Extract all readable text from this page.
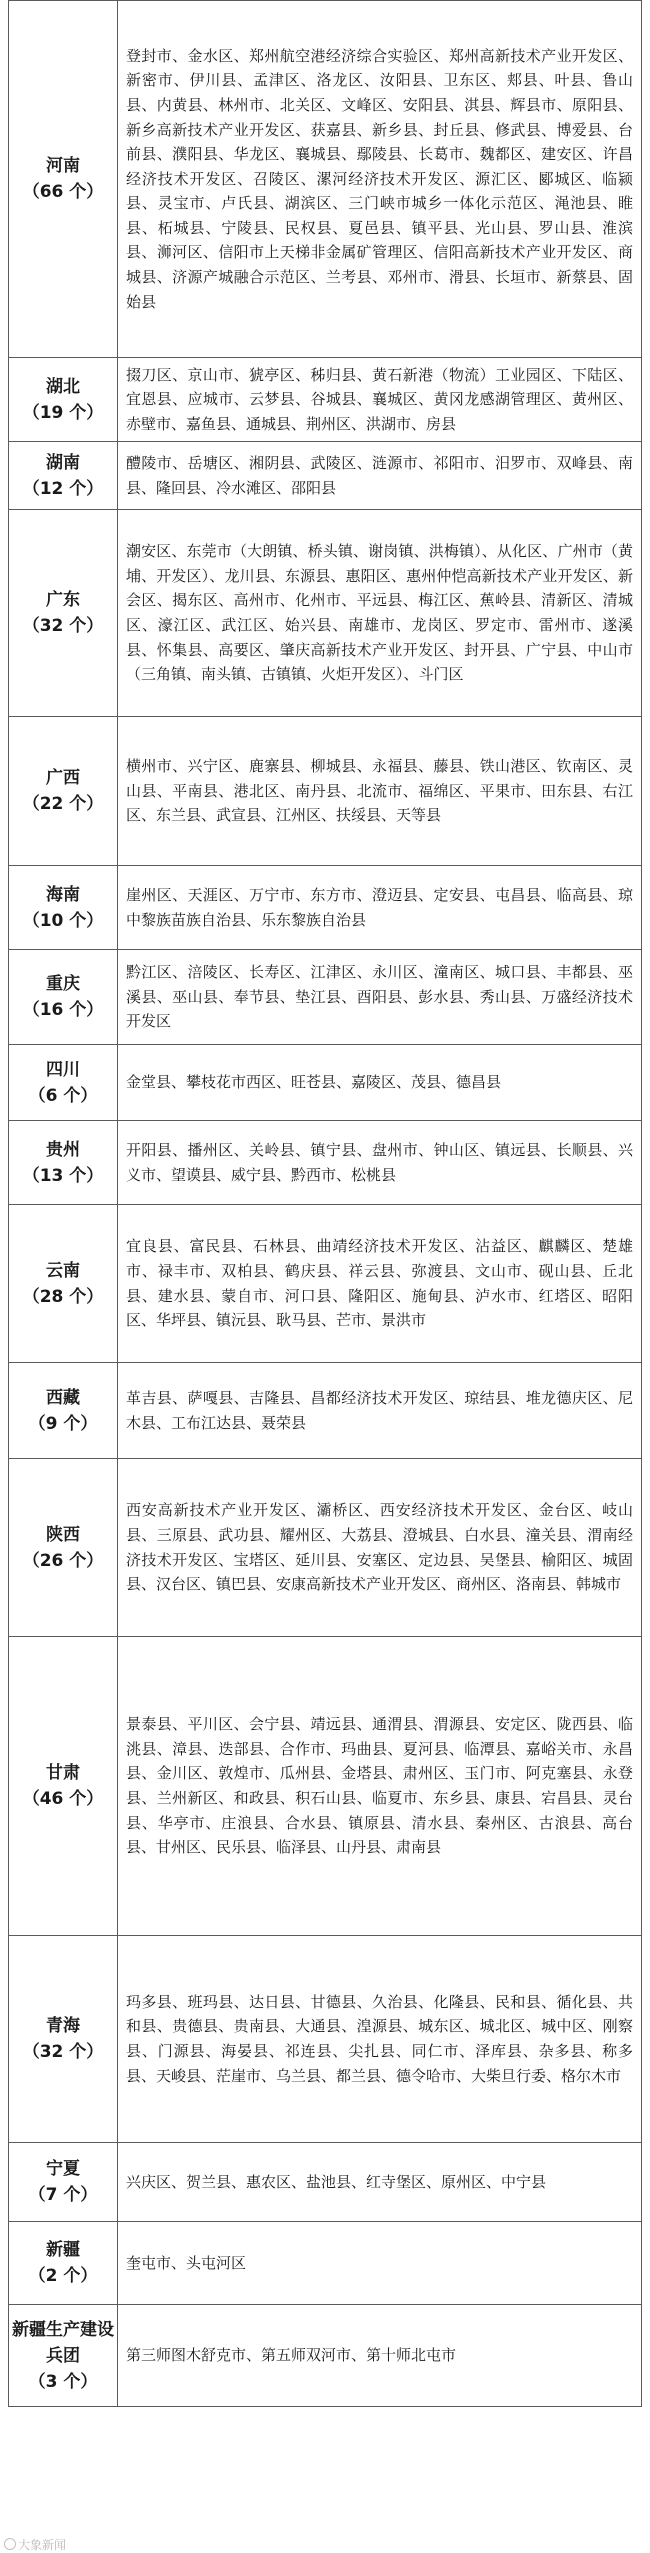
河南
（66 个）	登封市、金水区、郑州航空港经济综合实验区、郑州高新技术产业开发区、新密市、伊川县、孟津区、洛龙区、汝阳县、卫东区、郏县、叶县、鲁山县、内黄县、林州市、北关区、文峰区、安阳县、淇县、辉县市、原阳县、新乡高新技术产业开发区、获嘉县、新乡县、封丘县、修武县、博爱县、台前县、濮阳县、华龙区、襄城县、鄢陵县、长葛市、魏都区、建安区、许昌经济技术开发区、召陵区、漯河经济技术开发区、源汇区、郾城区、临颍县、灵宝市、卢氏县、湖滨区、三门峡市城乡一体化示范区、渑池县、睢县、柘城县、宁陵县、民权县、夏邑县、镇平县、光山县、罗山县、淮滨县、浉河区、信阳市上天梯非金属矿管理区、信阳高新技术产业开发区、商城县、济源产城融合示范区、兰考县、邓州市、滑县、长垣市、新蔡县、固始县

湖北
（19 个）	掇刀区、京山市、猇亭区、秭归县、黄石新港（物流）工业园区、下陆区、宜恩县、应城市、云梦县、谷城县、襄城区、黄冈龙感湖管理区、黄州区、赤壁市、嘉鱼县、通城县、荆州区、洪湖市、房县

湖南
（12 个）	醴陵市、岳塘区、湘阴县、武陵区、涟源市、祁阳市、汨罗市、双峰县、南县、隆回县、冷水滩区、邵阳县

广东
（32 个）	潮安区、东莞市（大朗镇、桥头镇、谢岗镇、洪梅镇）、从化区、广州市（黄埔、开发区）、龙川县、东源县、惠阳区、惠州仲恺高新技术产业开发区、新会区、揭东区、高州市、化州市、平远县、梅江区、蕉岭县、清新区、清城区、濠江区、武江区、始兴县、南雄市、龙岗区、罗定市、雷州市、遂溪县、怀集县、高要区、肇庆高新技术产业开发区、封开县、广宁县、中山市（三角镇、南头镇、古镇镇、火炬开发区）、斗门区

广西
（22 个）	横州市、兴宁区、鹿寨县、柳城县、永福县、藤县、铁山港区、钦南区、灵山县、平南县、港北区、南丹县、北流市、福绵区、平果市、田东县、右江区、东兰县、武宣县、江州区、扶绥县、天等县

海南
（10 个）	崖州区、天涯区、万宁市、东方市、澄迈县、定安县、屯昌县、临高县、琼中黎族苗族自治县、乐东黎族自治县

重庆
（16 个）	黔江区、涪陵区、长寿区、江津区、永川区、潼南区、城口县、丰都县、巫溪县、巫山县、奉节县、垫江县、酉阳县、彭水县、秀山县、万盛经济技术开发区

四川
（6 个）	金堂县、攀枝花市西区、旺苍县、嘉陵区、茂县、德昌县

贵州
（13 个）	开阳县、播州区、关岭县、镇宁县、盘州市、钟山区、镇远县、长顺县、兴义市、望谟县、威宁县、黔西市、松桃县

云南
（28 个）	宜良县、富民县、石林县、曲靖经济技术开发区、沾益区、麒麟区、楚雄市、禄丰市、双柏县、鹤庆县、祥云县、弥渡县、文山市、砚山县、丘北县、建水县、蒙自市、河口县、隆阳区、施甸县、泸水市、红塔区、昭阳区、华坪县、镇沅县、耿马县、芒市、景洪市

西藏
（9 个）	革吉县、萨嘎县、吉隆县、昌都经济技术开发区、琼结县、堆龙德庆区、尼木县、工布江达县、聂荣县

陕西
（26 个）	西安高新技术产业开发区、灞桥区、西安经济技术开发区、金台区、岐山县、三原县、武功县、耀州区、大荔县、澄城县、白水县、潼关县、渭南经济技术开发区、宝塔区、延川县、安塞区、定边县、吴堡县、榆阳区、城固县、汉台区、镇巴县、安康高新技术产业开发区、商州区、洛南县、韩城市

甘肃
（46 个）	景泰县、平川区、会宁县、靖远县、通渭县、渭源县、安定区、陇西县、临洮县、漳县、迭部县、合作市、玛曲县、夏河县、临潭县、嘉峪关市、永昌县、金川区、敦煌市、瓜州县、金塔县、肃州区、玉门市、阿克塞县、永登县、兰州新区、和政县、积石山县、临夏市、东乡县、康县、宕昌县、灵台县、华亭市、庄浪县、合水县、镇原县、清水县、秦州区、古浪县、高台县、甘州区、民乐县、临泽县、山丹县、肃南县

青海
（32 个）	玛多县、班玛县、达日县、甘德县、久治县、化隆县、民和县、循化县、共和县、贵德县、贵南县、大通县、湟源县、城东区、城北区、城中区、刚察县、门源县、海晏县、祁连县、尖扎县、同仁市、泽库县、杂多县、称多县、天峻县、茫崖市、乌兰县、都兰县、德令哈市、大柴旦行委、格尔木市

宁夏
（7 个）	兴庆区、贺兰县、惠农区、盐池县、红寺堡区、原州区、中宁县

新疆
（2 个）	奎屯市、头屯河区

新疆生产建设兵团
（3 个）	第三师图木舒克市、第五师双河市、第十师北屯市
大象新闻
